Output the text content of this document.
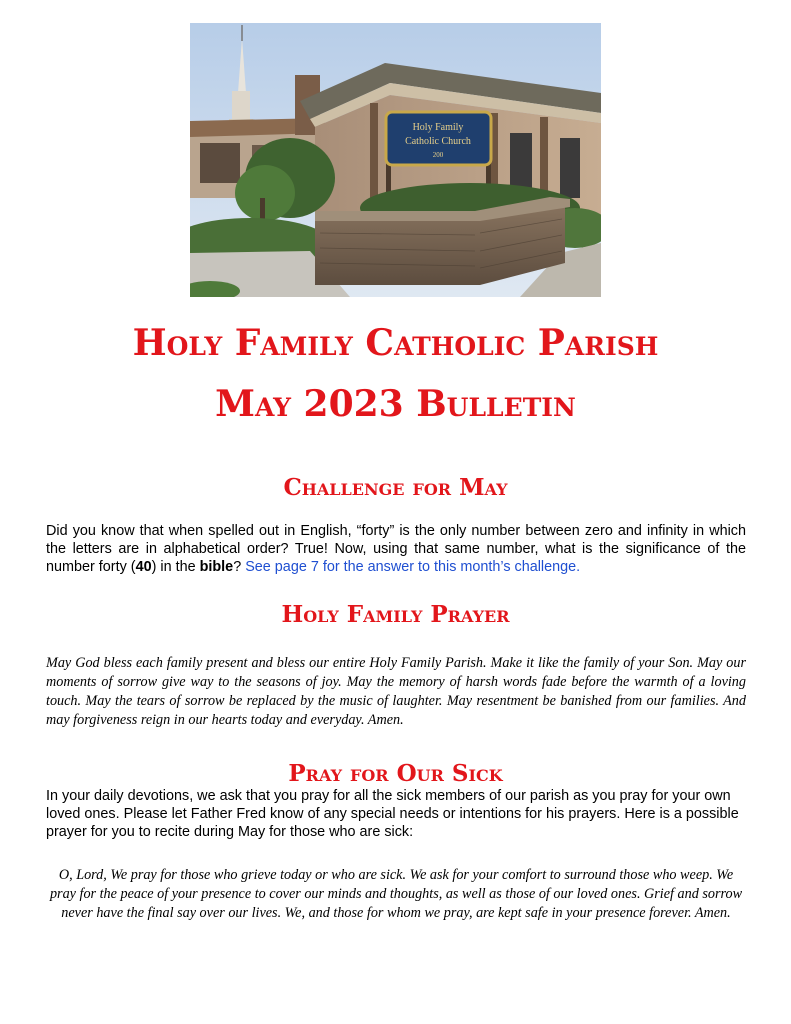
Holy Family
Catholic Church
200
Holy Family Catholic Parish
May 2023 Bulletin
Challenge for May

Did you know that when spelled out in English, “forty” is the only number between zero and infinity in which the letters are in alphabetical order? True! Now, using that same number, what is the significance of the number forty (40) in the bible? See page 7 for the answer to this month’s challenge.

Holy Family Prayer

May God bless each family present and bless our entire Holy Family Parish. Make it like the family of your Son. May our moments of sorrow give way to the seasons of joy. May the memory of harsh words fade before the warmth of a loving touch. May the tears of sorrow be replaced by the music of laughter. May resentment be banished from our families. And may forgiveness reign in our hearts today and everyday. Amen.

Pray for Our Sick

In your daily devotions, we ask that you pray for all the sick members of our parish as you pray for your own loved ones. Please let Father Fred know of any special needs or intentions for his prayers. Here is a possible prayer for you to recite during May for those who are sick:

O, Lord, We pray for those who grieve today or who are sick. We ask for your comfort to surround those who weep. We pray for the peace of your presence to cover our minds and thoughts, as well as those of our loved ones. Grief and sorrow never have the final say over our lives. We, and those for whom we pray, are kept safe in your presence forever. Amen.
